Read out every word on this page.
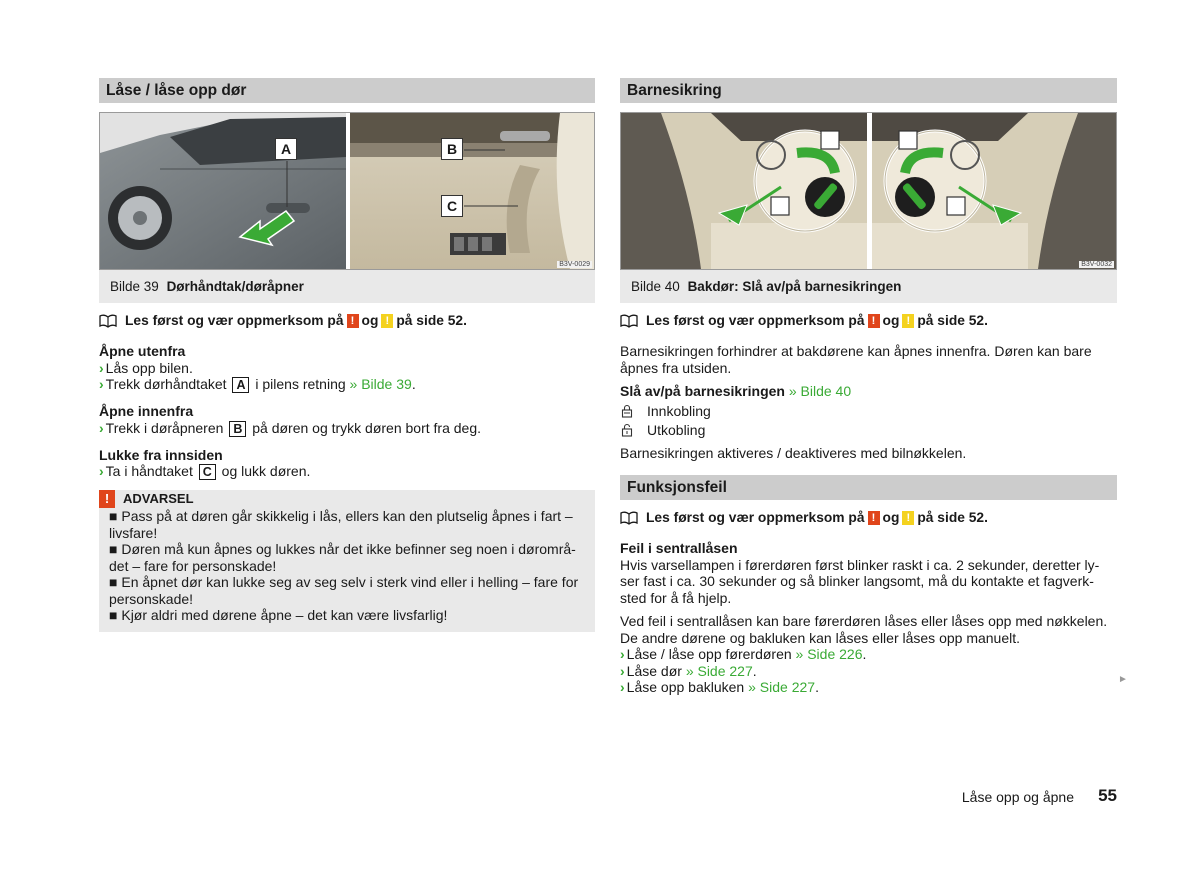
Låse / låse opp dør
A	B
C
B3V-0029
Bilde 39 Dørhåndtak/døråpner
Les først og vær oppmerksom på ! og ! på side 52.
Åpne utenfra
› Lås opp bilen.
› Trekk dørhåndtaket A i pilens retning » Bilde 39.
Åpne innenfra
› Trekk i døråpneren B på døren og trykk døren bort fra deg.
Lukke fra innsiden
› Ta i håndtaket C og lukk døren.
!	ADVARSEL
■ Pass på at døren går skikkelig i lås, ellers kan den plutselig åpnes i fart – livsfare!
■ Døren må kun åpnes og lukkes når det ikke befinner seg noen i dørområ-det – fare for personskade!
■ En åpnet dør kan lukke seg av seg selv i sterk vind eller i helling – fare for personskade!
■ Kjør aldri med dørene åpne – det kan være livsfarlig!
Barnesikring
B3V-0032
Bilde 40 Bakdør: Slå av/på barnesikringen
Les først og vær oppmerksom på ! og ! på side 52.
Barnesikringen forhindrer at bakdørene kan åpnes innenfra. Døren kan bare åpnes fra utsiden.
Slå av/på barnesikringen » Bilde 40
Innkobling
Utkobling
Barnesikringen aktiveres / deaktiveres med bilnøkkelen.
Funksjonsfeil
Les først og vær oppmerksom på ! og ! på side 52.
Feil i sentrallåsen
Hvis varsellampen i førerdøren først blinker raskt i ca. 2 sekunder, deretter ly-ser fast i ca. 30 sekunder og så blinker langsomt, må du kontakte et fagverk-sted for å få hjelp.
Ved feil i sentrallåsen kan bare førerdøren låses eller låses opp med nøkkelen. De andre dørene og bakluken kan låses eller låses opp manuelt.
› Låse / låse opp førerdøren » Side 226.
› Låse dør » Side 227.
› Låse opp bakluken » Side 227.	►
Låse opp og åpne 55
